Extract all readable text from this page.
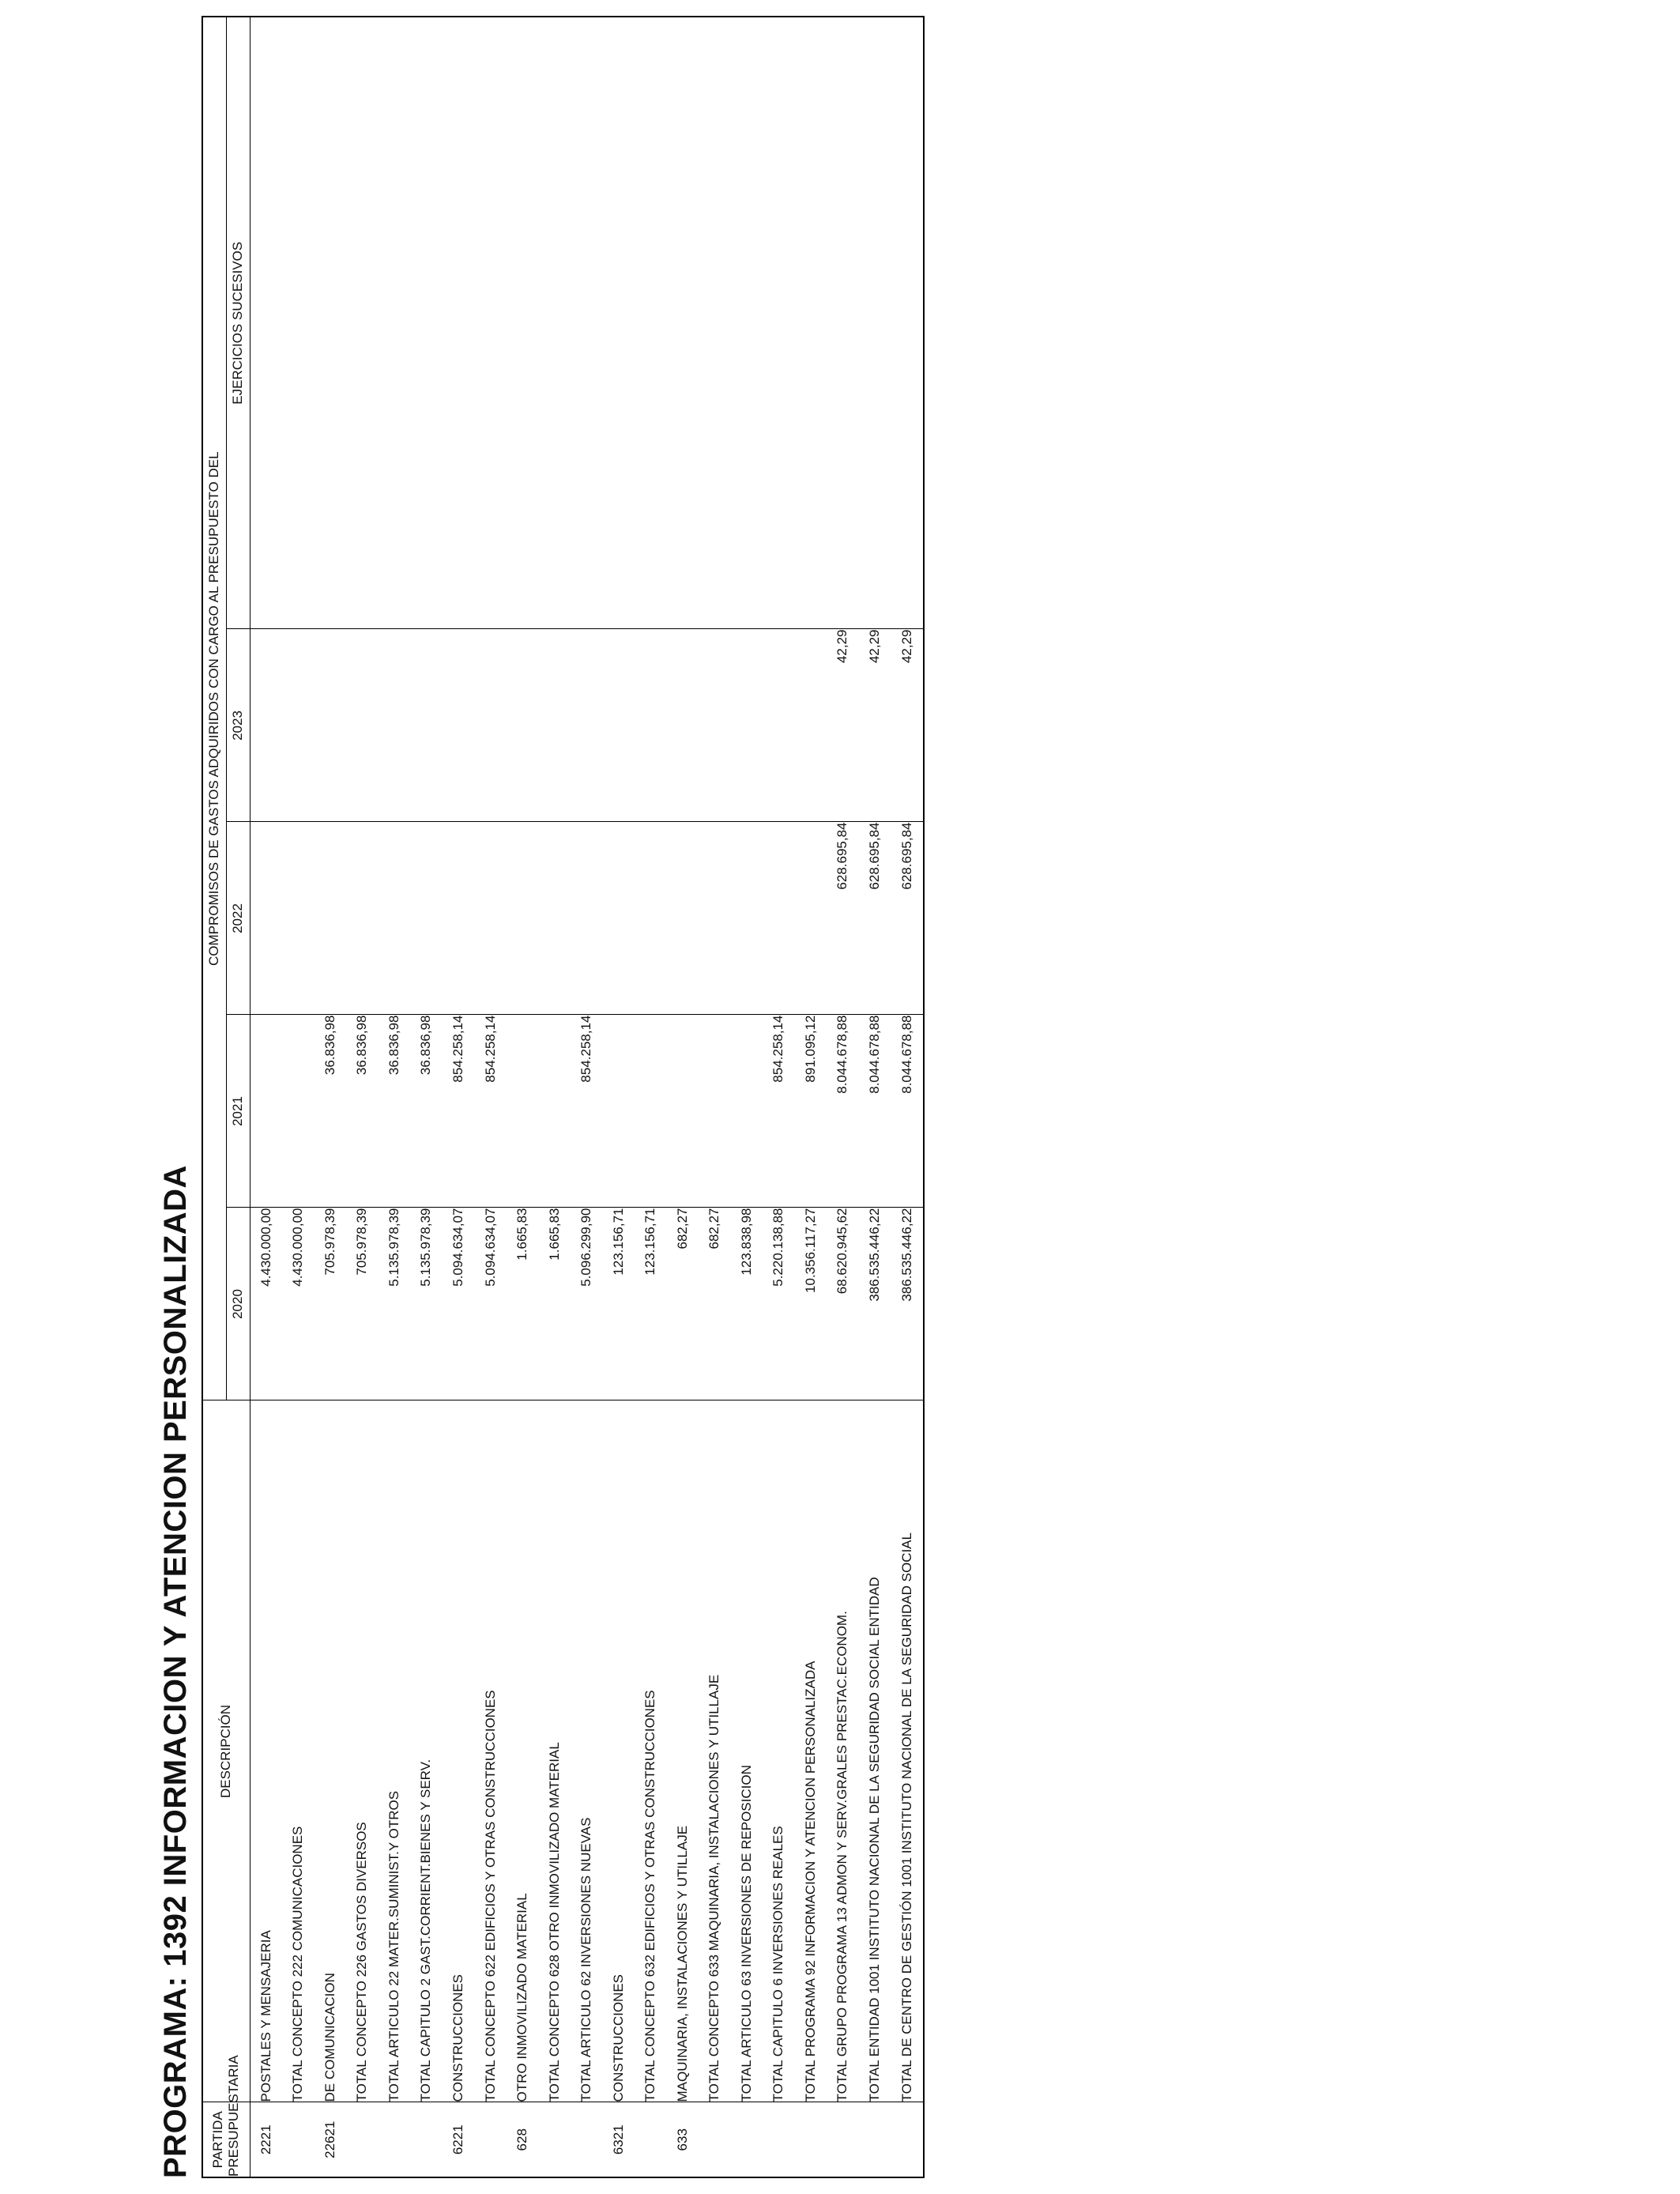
PROGRAMA: 1392 INFORMACION Y ATENCION PERSONALIZADA PARTIDA
PRESUPUESTARIA	DESCRIPCIÓN	COMPROMISOS DE GASTOS ADQUIRIDOS CON CARGO AL PRESUPUESTO DEL				
		2020	2021	2022	2023	EJERCICIOS SUCESIVOS
2221	POSTALES Y MENSAJERIA	4.430.000,00				
	TOTAL CONCEPTO 222 COMUNICACIONES	4.430.000,00				
22621	DE COMUNICACION	705.978,39	36.836,98			
	TOTAL CONCEPTO 226 GASTOS DIVERSOS	705.978,39	36.836,98			
	TOTAL ARTICULO 22 MATER.SUMINIST.Y OTROS	5.135.978,39	36.836,98			
	TOTAL CAPITULO 2 GAST.CORRIENT.BIENES Y SERV.	5.135.978,39	36.836,98			
6221	CONSTRUCCIONES	5.094.634,07	854.258,14			
	TOTAL CONCEPTO 622 EDIFICIOS Y OTRAS CONSTRUCCIONES	5.094.634,07	854.258,14			
628	OTRO INMOVILIZADO MATERIAL	1.665,83				
	TOTAL CONCEPTO 628 OTRO INMOVILIZADO MATERIAL	1.665,83				
	TOTAL ARTICULO 62 INVERSIONES NUEVAS	5.096.299,90	854.258,14			
6321	CONSTRUCCIONES	123.156,71				
	TOTAL CONCEPTO 632 EDIFICIOS Y OTRAS CONSTRUCCIONES	123.156,71				
633	MAQUINARIA, INSTALACIONES Y UTILLAJE	682,27				
	TOTAL CONCEPTO 633 MAQUINARIA, INSTALACIONES Y UTILLAJE	682,27				
	TOTAL ARTICULO 63 INVERSIONES DE REPOSICION	123.838,98				
	TOTAL CAPITULO 6 INVERSIONES REALES	5.220.138,88	854.258,14			
	TOTAL PROGRAMA 92 INFORMACION Y ATENCION PERSONALIZADA	10.356.117,27	891.095,12			
	TOTAL GRUPO PROGRAMA 13 ADMON Y SERV.GRALES PRESTAC.ECONOM.	68.620.945,62	8.044.678,88	628.695,84	42,29	
	TOTAL ENTIDAD 1001 INSTITUTO NACIONAL DE LA SEGURIDAD SOCIAL ENTIDAD	386.535.446,22	8.044.678,88	628.695,84	42,29	
	TOTAL DE CENTRO DE GESTIÓN 1001 INSTITUTO NACIONAL DE LA SEGURIDAD SOCIAL	386.535.446,22	8.044.678,88	628.695,84	42,29	
